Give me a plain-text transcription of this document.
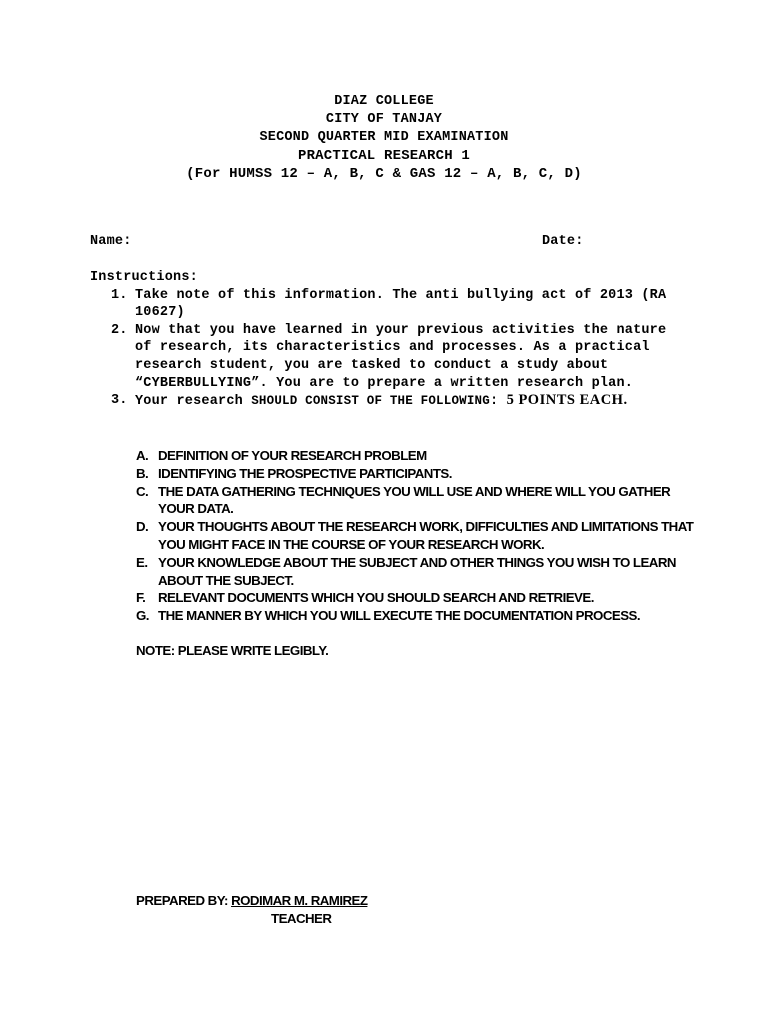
DIAZ COLLEGE
CITY OF TANJAY
SECOND QUARTER MID EXAMINATION
PRACTICAL RESEARCH 1
(For HUMSS 12 – A, B, C & GAS 12 – A, B, C, D)
Name:	Date:
Instructions:
1. Take note of this information. The anti bullying act of 2013 (RA 10627)
2. Now that you have learned in your previous activities the nature of research, its characteristics and processes. As a practical research student, you are tasked to conduct a study about “CYBERBULLYING”. You are to prepare a written research plan.
3. Your research SHOULD CONSIST OF THE FOLLOWING: 5 POINTS EACH.
A. DEFINITION OF YOUR RESEARCH PROBLEM
B. IDENTIFYING THE PROSPECTIVE PARTICIPANTS.
C. THE DATA GATHERING TECHNIQUES YOU WILL USE AND WHERE WILL YOU GATHER YOUR DATA.
D. YOUR THOUGHTS ABOUT THE RESEARCH WORK, DIFFICULTIES AND LIMITATIONS THAT YOU MIGHT FACE IN THE COURSE OF YOUR RESEARCH WORK.
E. YOUR KNOWLEDGE ABOUT THE SUBJECT AND OTHER THINGS YOU WISH TO LEARN ABOUT THE SUBJECT.
F. RELEVANT DOCUMENTS WHICH YOU SHOULD SEARCH AND RETRIEVE.
G. THE MANNER BY WHICH YOU WILL EXECUTE THE DOCUMENTATION PROCESS.
NOTE: PLEASE WRITE LEGIBLY.
PREPARED BY: RODIMAR M. RAMIREZ
TEACHER
